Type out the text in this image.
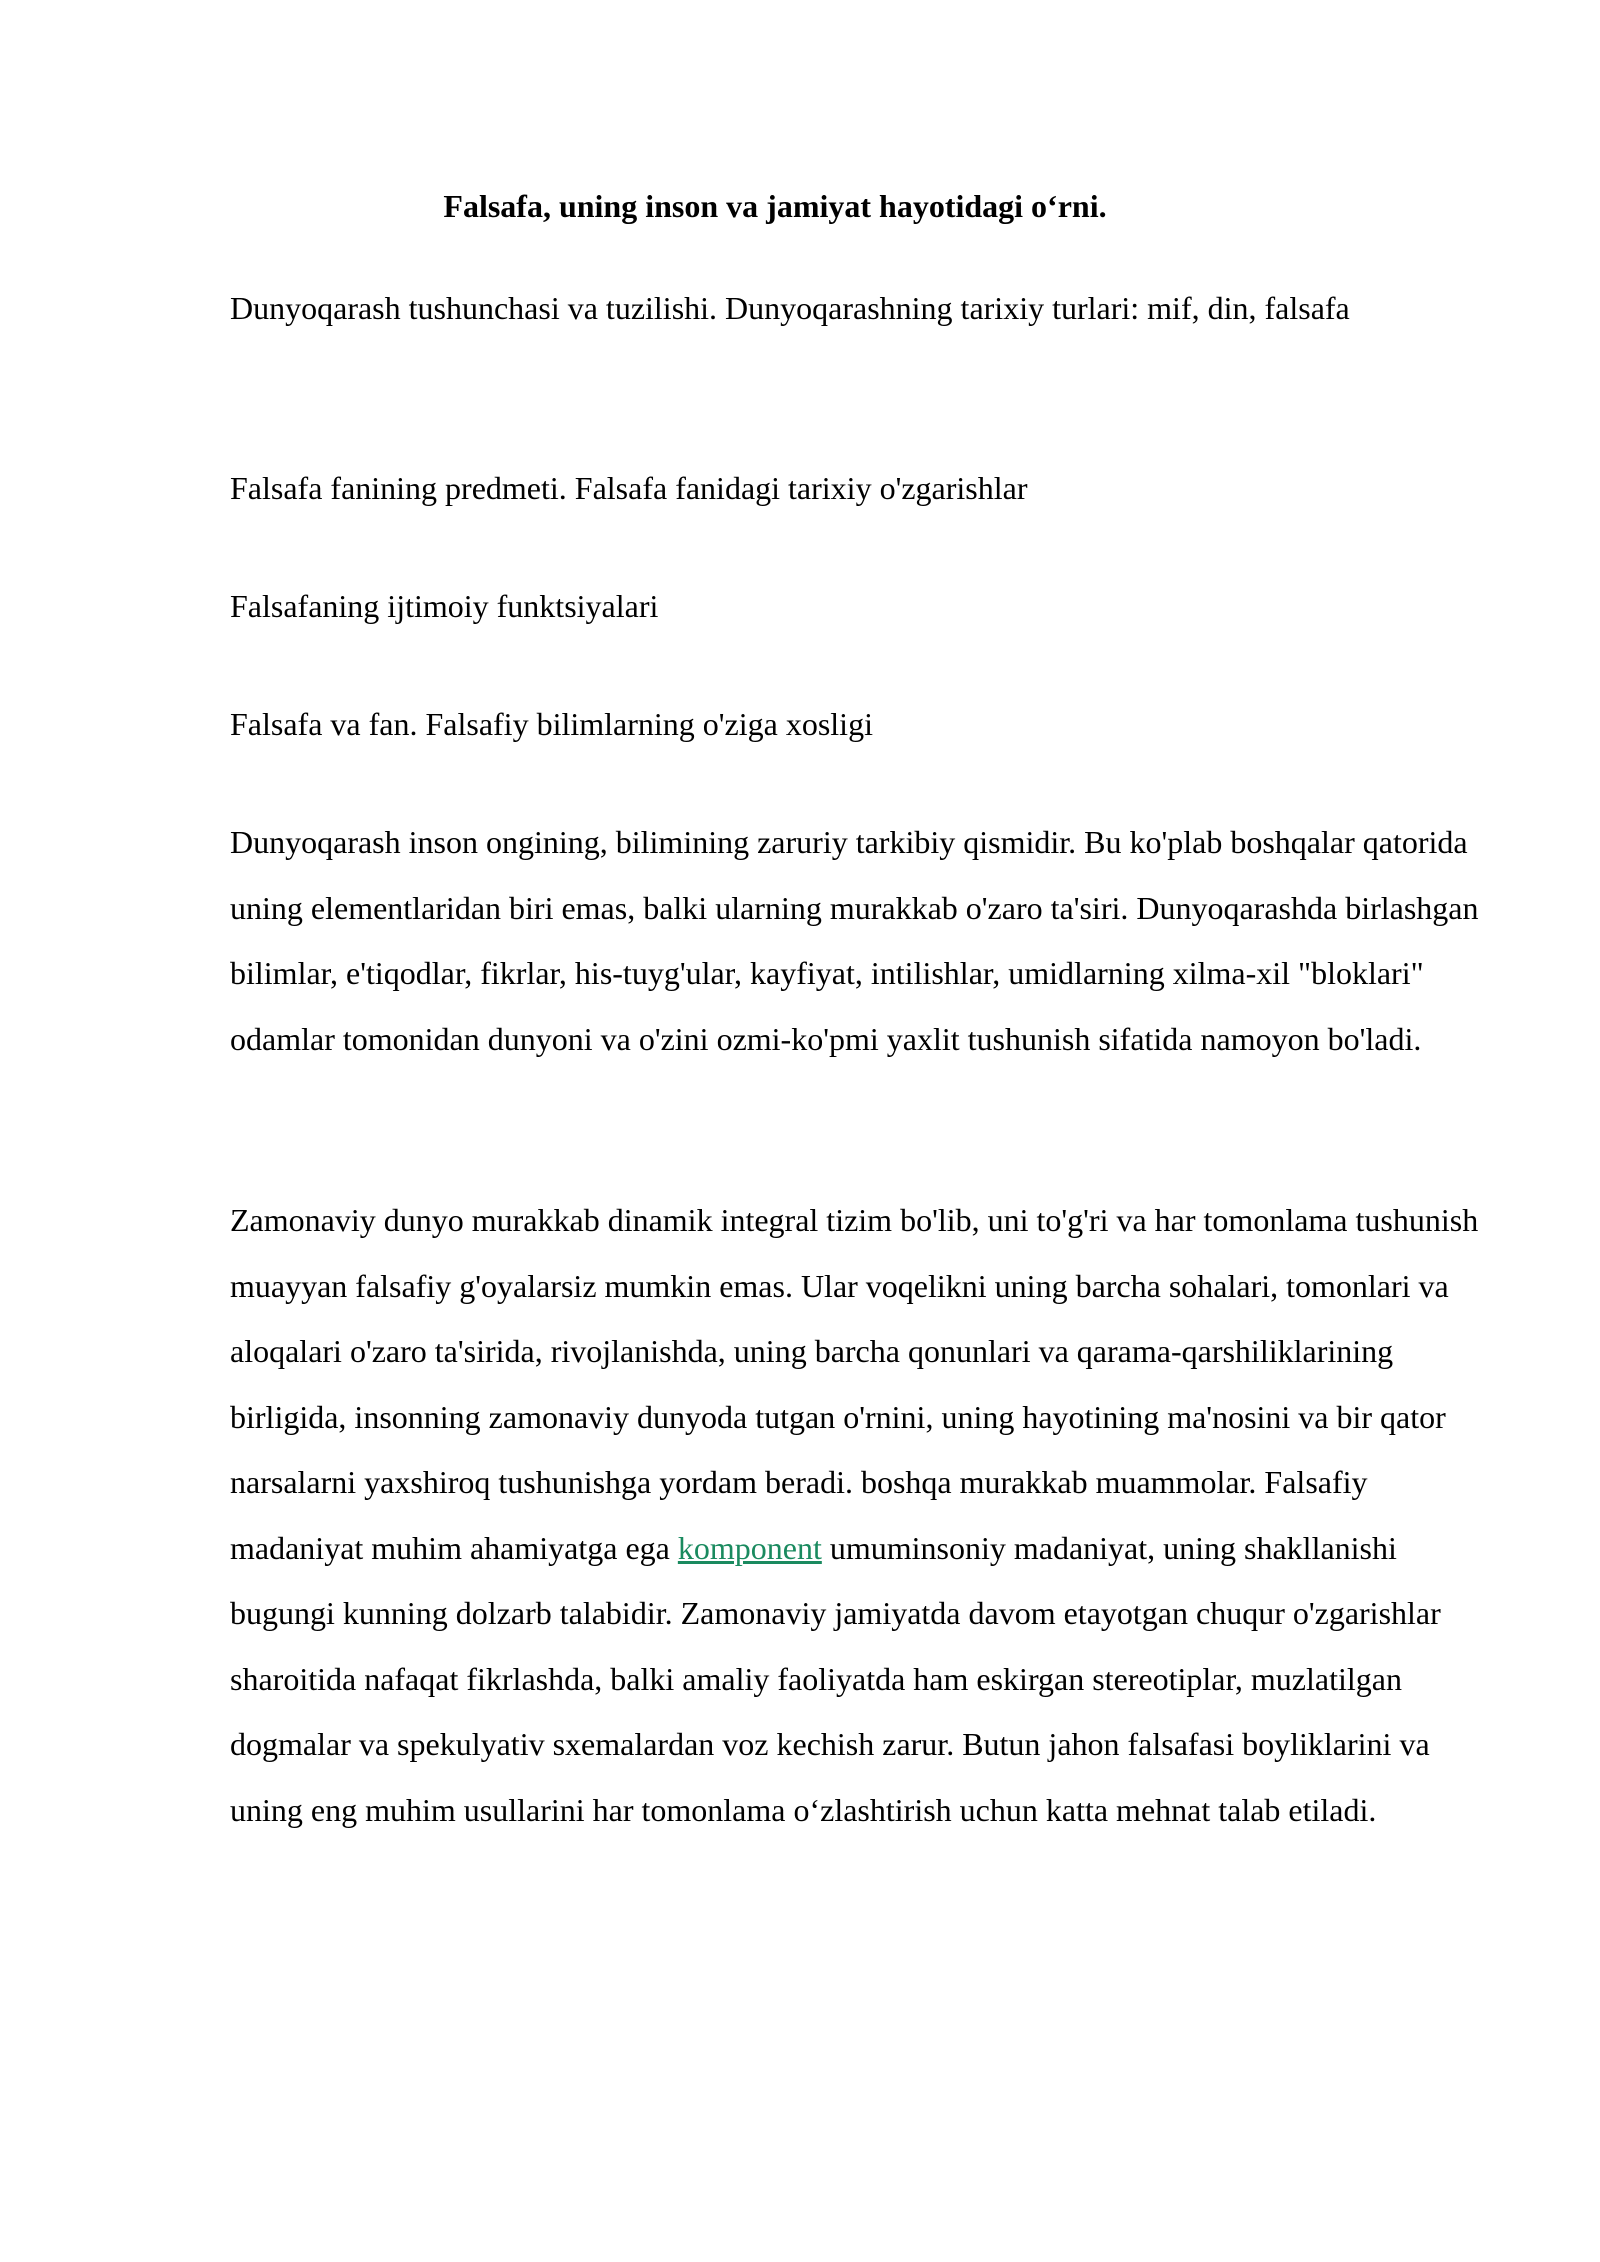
Falsafa, uning inson va jamiyat hayotidagi o‘rni.

Dunyoqarash tushunchasi va tuzilishi. Dunyoqarashning tarixiy turlari: mif, din, falsafa

Falsafa fanining predmeti. Falsafa fanidagi tarixiy o'zgarishlar

Falsafaning ijtimoiy funktsiyalari

Falsafa va fan. Falsafiy bilimlarning o'ziga xosligi

Dunyoqarash inson ongining, bilimining zaruriy tarkibiy qismidir. Bu ko'plab boshqalar qatorida uning elementlaridan biri emas, balki ularning murakkab o'zaro ta'siri. Dunyoqarashda birlashgan bilimlar, e'tiqodlar, fikrlar, his-tuyg'ular, kayfiyat, intilishlar, umidlarning xilma-xil "bloklari" odamlar tomonidan dunyoni va o'zini ozmi-ko'pmi yaxlit tushunish sifatida namoyon bo'ladi.

Zamonaviy dunyo murakkab dinamik integral tizim bo'lib, uni to'g'ri va har tomonlama tushunish muayyan falsafiy g'oyalarsiz mumkin emas. Ular voqelikni uning barcha sohalari, tomonlari va aloqalari o'zaro ta'sirida, rivojlanishda, uning barcha qonunlari va qarama-qarshiliklarining birligida, insonning zamonaviy dunyoda tutgan o'rnini, uning hayotining ma'nosini va bir qator narsalarni yaxshiroq tushunishga yordam beradi. boshqa murakkab muammolar. Falsafiy madaniyat muhim ahamiyatga ega komponent umuminsoniy madaniyat, uning shakllanishi bugungi kunning dolzarb talabidir. Zamonaviy jamiyatda davom etayotgan chuqur o'zgarishlar sharoitida nafaqat fikrlashda, balki amaliy faoliyatda ham eskirgan stereotiplar, muzlatilgan dogmalar va spekulyativ sxemalardan voz kechish zarur. Butun jahon falsafasi boyliklarini va uning eng muhim usullarini har tomonlama o‘zlashtirish uchun katta mehnat talab etiladi.
